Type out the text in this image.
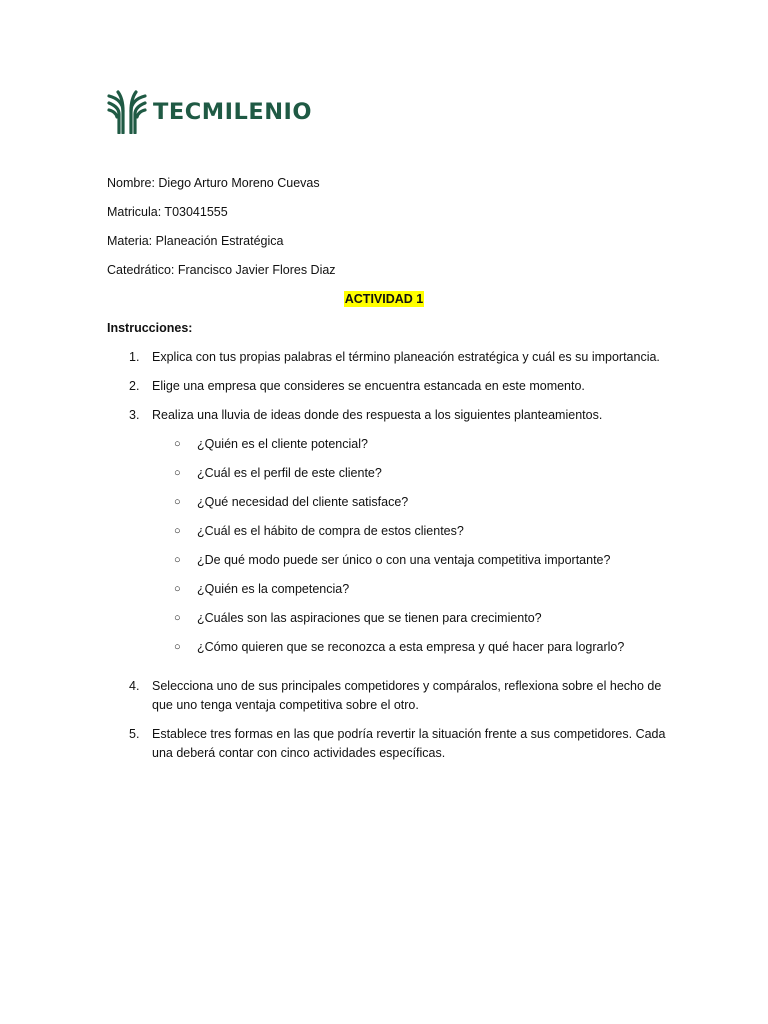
TECMILENIO
Nombre: Diego Arturo Moreno Cuevas
Matricula: T03041555
Materia: Planeación Estratégica
Catedrático: Francisco Javier Flores Diaz
ACTIVIDAD 1
Instrucciones:
1. Explica con tus propias palabras el término planeación estratégica y cuál es su importancia.
2. Elige una empresa que consideres se encuentra estancada en este momento.
3. Realiza una lluvia de ideas donde des respuesta a los siguientes planteamientos.
○ ¿Quién es el cliente potencial?
○ ¿Cuál es el perfil de este cliente?
○ ¿Qué necesidad del cliente satisface?
○ ¿Cuál es el hábito de compra de estos clientes?
○ ¿De qué modo puede ser único o con una ventaja competitiva importante?
○ ¿Quién es la competencia?
○ ¿Cuáles son las aspiraciones que se tienen para crecimiento?
○ ¿Cómo quieren que se reconozca a esta empresa y qué hacer para lograrlo?
4. Selecciona uno de sus principales competidores y compáralos, reflexiona sobre el hecho de que uno tenga ventaja competitiva sobre el otro.
5. Establece tres formas en las que podría revertir la situación frente a sus competidores. Cada una deberá contar con cinco actividades específicas.
